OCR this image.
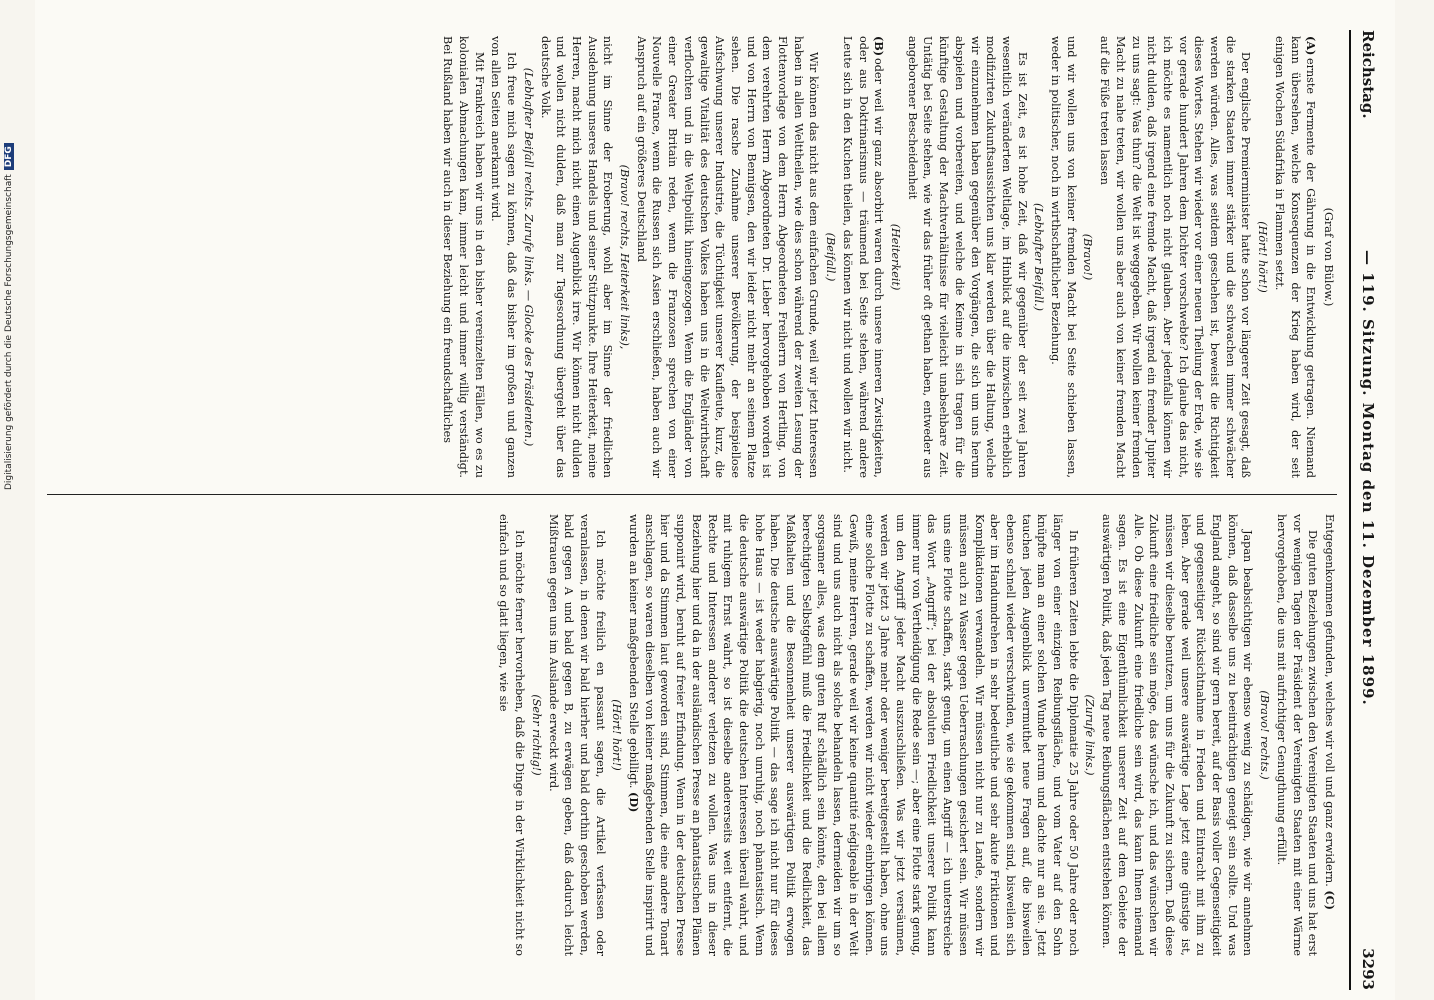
Reichstag.
— 119. Sitzung. Montag den 11. Dezember 1899.
3293
(Graf von Bülow.)

(A)ernste Fermente der Gährung in die Entwicklung getragen. Niemand kann übersehen, welche Konsequenzen der Krieg haben wird, der seit einigen Wochen Südafrika in Flammen setzt.

(Hört! hört!)

Der englische Premierminister hatte schon vor längerer Zeit gesagt, daß die starken Staaten immer stärker und die schwachen immer schwächer werden würden. Alles, was seitdem geschehen ist, beweist die Richtigkeit dieses Wortes. Stehen wir wieder vor einer neuen Theilung der Erde, wie sie vor gerade hundert Jahren dem Dichter vorschwebte? Ich glaube das nicht, ich möchte es namentlich noch nicht glauben. Aber jedenfalls können wir nicht dulden, daß irgend eine fremde Macht, daß irgend ein fremder Jupiter zu uns sagt: Was thun? die Welt ist weggegeben. Wir wollen keiner fremden Macht zu nahe treten, wir wollen uns aber auch von keiner fremden Macht auf die Füße treten lassen

(Bravo!)

und wir wollen uns von keiner fremden Macht bei Seite schieben lassen, weder in politischer, noch in wirthschaftlicher Beziehung.

(Lebhafter Beifall.)

Es ist Zeit, es ist hohe Zeit, daß wir gegenüber der seit zwei Jahren wesentlich veränderten Weltlage, im Hinblick auf die inzwischen erheblich modifizirten Zukunftsaussichten uns klar werden über die Haltung, welche wir einzunehmen haben gegenüber den Vorgängen, die sich um uns herum abspielen und vorbereiten, und welche die Keime in sich tragen für die künftige Gestaltung der Machtverhältnisse für vielleicht unabsehbare Zeit. Untätig bei Seite stehen, wie wir das früher oft gethan haben, entweder aus angeborener Bescheidenheit

(Heiterkeit)

(B)oder weil wir ganz absorbirt waren durch unsere inneren Zwistigkeiten, oder aus Doktrinarismus — träumend bei Seite stehen, während andere Leute sich in den Kuchen theilen, das können wir nicht und wollen wir nicht.

(Beifall.)

Wir können das nicht aus dem einfachen Grunde, weil wir jetzt Interessen haben in allen Welttheilen, wie dies schon während der zweiten Lesung der Flottenvorlage von dem Herrn Abgeordneten Freiherrn von Hertling, von dem verehrten Herrn Abgeordneten Dr. Lieber hervorgehoben worden ist und von Herrn von Bennigsen, den wir leider nicht mehr an seinem Platze sehen. Die rasche Zunahme unserer Bevölkerung, der beispiellose Aufschwung unserer Industrie, die Tüchtigkeit unserer Kaufleute, kurz, die gewaltige Vitalität des deutschen Volkes haben uns in die Weltwirthschaft verflochten und in die Weltpolitik hineingezogen. Wenn die Engländer von einer Greater Britain reden, wenn die Franzosen sprechen von einer Nouvelle France, wenn die Russen sich Asien erschließen, haben auch wir Anspruch auf ein größeres Deutschland

(Bravo! rechts, Heiterkeit links),

nicht im Sinne der Eroberung, wohl aber im Sinne der friedlichen Ausdehnung unseres Handels und seiner Stützpunkte. Ihre Heiterkeit, meine Herren, macht mich nicht einen Augenblick irre. Wir können nicht dulden und wollen nicht dulden, daß man zur Tagesordnung übergeht über das deutsche Volk.

(Lebhafter Beifall rechts. Zurufe links. — Glocke des Präsidenten.)

Ich freue mich sagen zu können, daß das bisher im großen und ganzen von allen Seiten anerkannt wird.

Mit Frankreich haben wir uns in den bisher vereinzelten Fällen, wo es zu kolonialen Abmachungen kam, immer leicht und immer willig verständigt. Bei Rußland haben wir auch in dieser Beziehung ein freundschaftliches

Entgegenkommen gefunden, welches wir voll und ganz erwidern. (C)

Die guten Beziehungen zwischen den Vereinigten Staaten und uns hat erst vor wenigen Tagen der Präsident der Vereinigten Staaten mit einer Wärme hervorgehoben, die uns mit aufrichtiger Genugthuung erfüllt.

(Bravo! rechts.)

Japan beabsichtigen wir ebenso wenig zu schädigen, wie wir annehmen können, daß dasselbe uns zu beeinträchtigen geneigt sein sollte. Und was England angeht, so sind wir gern bereit, auf der Basis voller Gegenseitigkeit und gegenseitiger Rücksichtnahme in Frieden und Eintracht mit ihm zu leben. Aber gerade weil unsere auswärtige Lage jetzt eine günstige ist, müssen wir dieselbe benutzen, um uns für die Zukunft zu sichern. Daß diese Zukunft eine friedliche sein möge, das wünsche ich, und das wünschen wir Alle. Ob diese Zukunft eine friedliche sein wird, das kann Ihnen niemand sagen. Es ist eine Eigenthümlichkeit unserer Zeit auf dem Gebiete der auswärtigen Politik, daß jeden Tag neue Reibungsflächen entstehen können.

(Zurufe links.)

In früheren Zeiten lebte die Diplomatie 25 Jahre oder 50 Jahre oder noch länger von einer einzigen Reibungsfläche, und vom Vater auf den Sohn knüpfte man an einer solchen Wunde herum und dachte nur an sie. Jetzt tauchen jeden Augenblick unvermuthet neue Fragen auf, die bisweilen ebenso schnell wieder verschwinden, wie sie gekommen sind, bisweilen sich aber im Handumdrehen in sehr bedeutliche und sehr akute Friktionen und Komplikationen verwandeln. Wir müssen nicht nur zu Lande, sondern wir müssen auch zu Wasser gegen Ueberraschungen gesichert sein. Wir müssen uns eine Flotte schaffen, stark genug, um einen Angriff — ich unterstreiche das Wort „Angriff“; bei der absoluten Friedlichkeit unserer Politik kann immer nur von Vertheidigung die Rede sein —; aber eine Flotte stark genug, um den Angriff jeder Macht auszuschließen. Was wir jetzt versäumen, werden wir jetzt 3 Jahre mehr oder weniger bereitgestellt haben, ohne uns eine solche Flotte zu schaffen, werden wir nicht wieder einbringen können. Gewiß, meine Herren, gerade weil wir keine quantité négligeable in der Welt sind und uns auch nicht als solche behandeln lassen, dermeiden wir um so sorgsamer alles, was dem guten Ruf schädlich sein könnte, den bei allem berechtigten Selbstgefühl muß die Friedlichkeit und die Redlichkeit, das Maßhalten und die Besonnenheit unserer auswärtigen Politik erwogen haben. Die deutsche auswärtige Politik — das sage ich nicht nur für dieses hohe Haus — ist weder habgierig, noch unruhig, noch phantastisch. Wenn die deutsche auswärtige Politik die deutschen Interessen überall wahrt, und mit ruhigem Ernst wahrt, so ist dieselbe andererseits weit entfernt, die Rechte und Interessen anderer verletzen zu wollen. Was uns in dieser Beziehung hier und da in der ausländischen Presse an phantastischen Plänen supponirt wird, beruht auf freier Erfindung. Wenn in der deutschen Presse hier und da Stimmen laut geworden sind, Stimmen, die eine andere Tonart anschlagen, so waren dieselben von keiner maßgebenden Stelle inspirirt und wurden an keiner maßgebenden Stelle gebilligt. (D)

(Hört! hört!)

Ich möchte freilich en passant sagen, die Artikel verfassen oder veranlassen, in denen wir bald hierher und bald dorthin geschoben werden, bald gegen A und bald gegen B, zu erwägen geben, daß dadurch leicht Mißtrauen gegen uns im Auslande erweckt wird.

(Sehr richtig!)

Ich möchte ferner hervorheben, daß die Dinge in der Wirklichkeit nicht so einfach und so glatt liegen, wie sie

Digitalisierung gefördert durch die Deutsche ForschungsgemeinschaftDFG
